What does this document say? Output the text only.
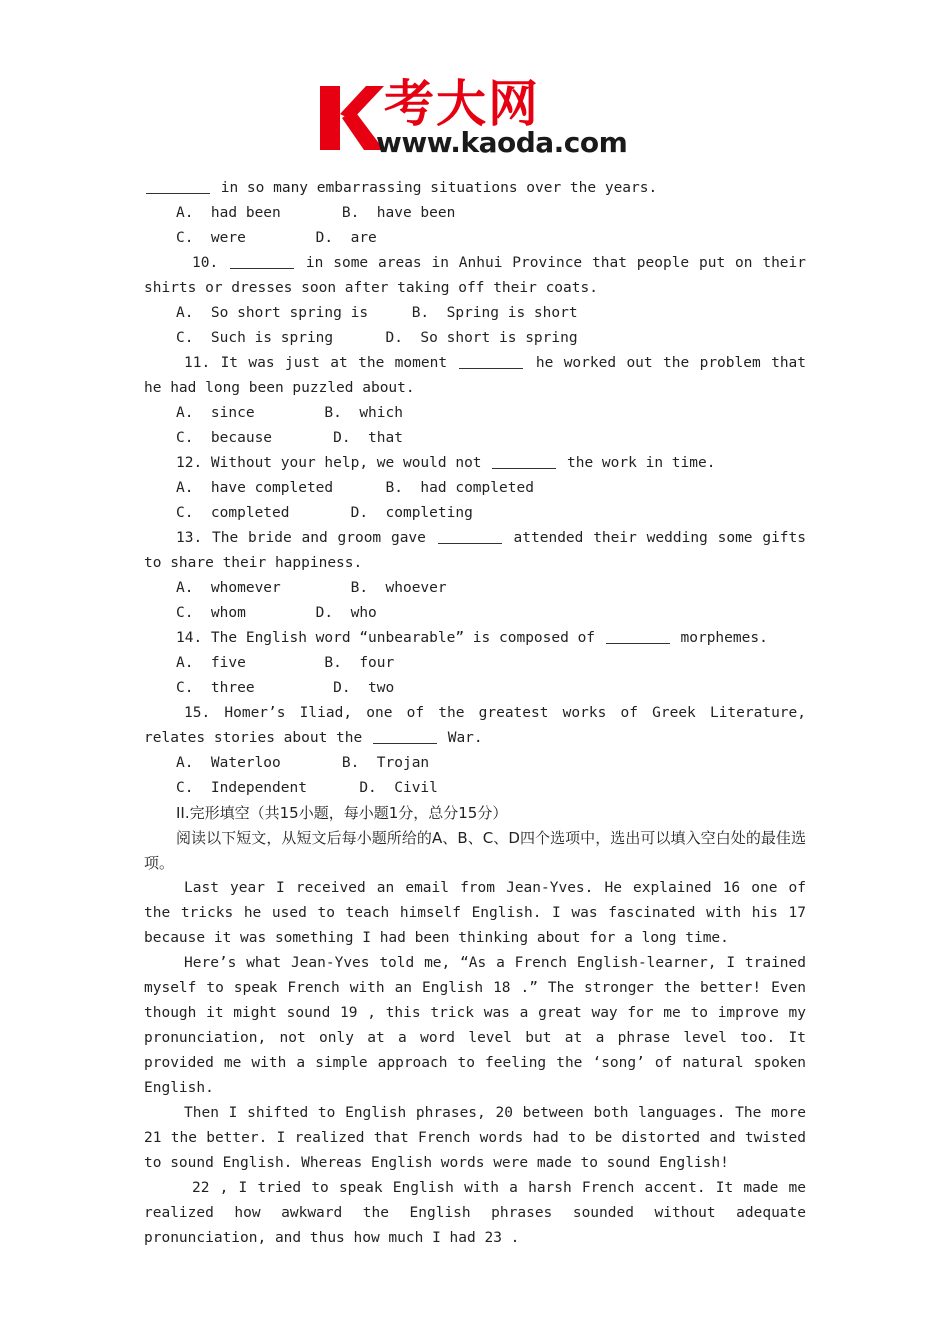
考大网
www.kaoda.com

in so many embarrassing situations over the years.

A.  had been       B.  have been

C.  were        D.  are

10.	in some areas in Anhui Province that people put on their shirts or dresses soon after taking off their coats.

A.  So short spring is     B.  Spring is short

C.  Such is spring      D.  So short is spring

11. It was just at the moment	he worked out the problem that he had long been puzzled about.

A.  since        B.  which

C.  because       D.  that

12. Without your help, we would not	the work in time.

A.  have completed      B.  had completed

C.  completed       D.  completing

13. The bride and groom gave	attended their wedding some gifts to share their happiness.

A.  whomever        B.  whoever

C.  whom        D.  who

14. The English word “unbearable” is composed of	morphemes.

A.  five         B.  four

C.  three         D.  two

15. Homer’s Iliad, one of the greatest works of Greek Literature, relates stories about the	War.

A.  Waterloo       B.  Trojan

C.  Independent      D.  Civil

II.完形填空（共15小题，每小题1分，总分15分）

阅读以下短文，从短文后每小题所给的A、B、C、D四个选项中，选出可以填入空白处的最佳选项。

Last year I received an email from Jean-Yves. He explained 16 one of the tricks he used to teach himself English. I was fascinated with his 17 because it was something I had been thinking about for a long time.

Here’s what Jean-Yves told me, “As a French English-learner, I trained myself to speak French with an English 18 .” The stronger the better! Even though it might sound 19 , this trick was a great way for me to improve my pronunciation, not only at a word level but at a phrase level too. It provided me with a simple approach to feeling the ‘song’ of natural spoken English.

Then I shifted to English phrases, 20 between both languages. The more 21 the better. I realized that French words had to be distorted and twisted to sound English. Whereas English words were made to sound English!

22 , I tried to speak English with a harsh French accent. It made me realized how awkward the English phrases sounded without adequate pronunciation, and thus how much I had 23 .
